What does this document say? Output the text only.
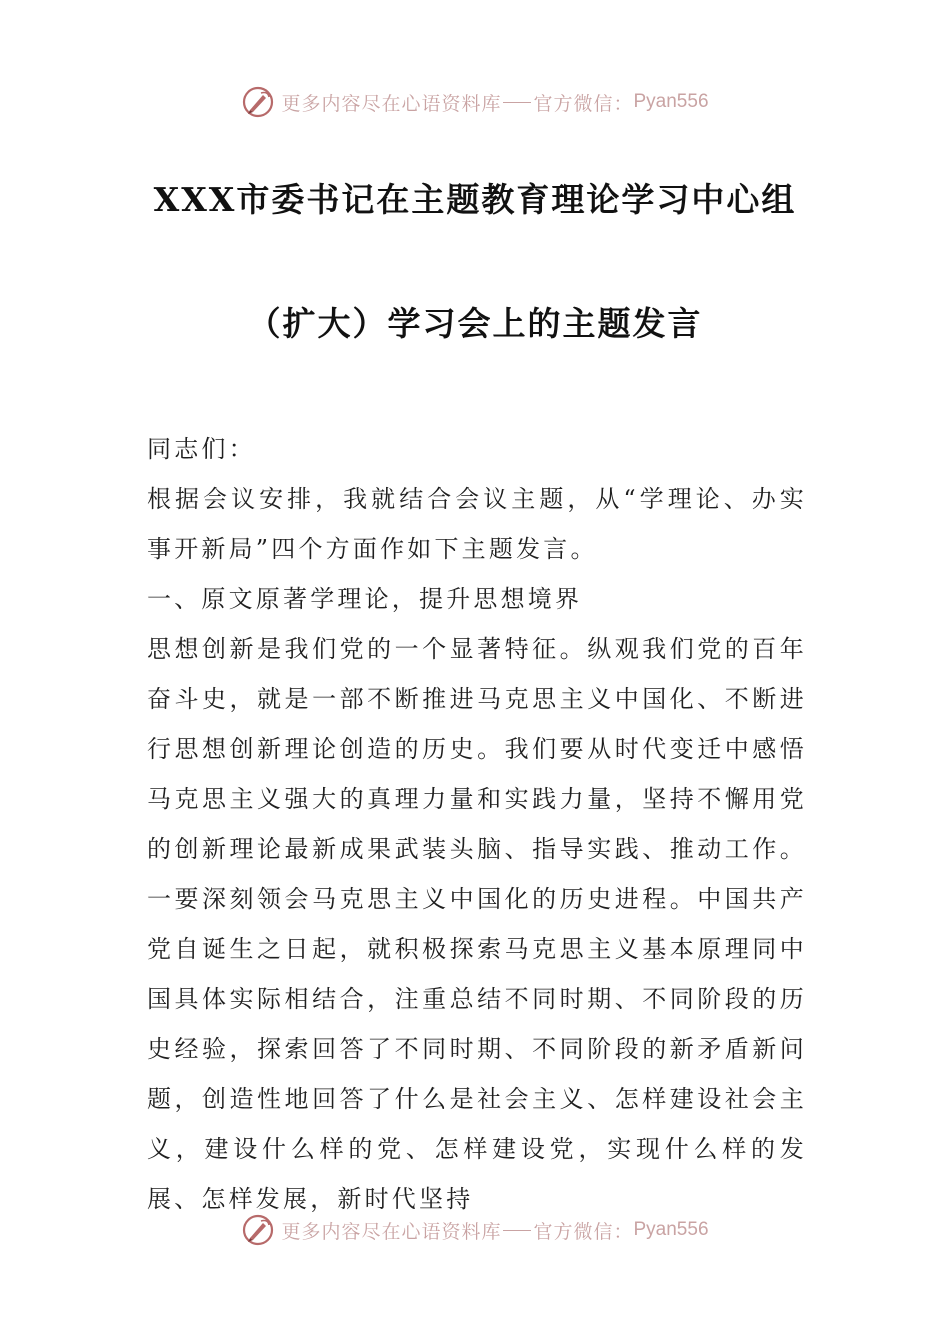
更多内容尽在心语资料库 官方微信： Pyan556
XXX市委书记在主题教育理论学习中心组
（扩大）学习会上的主题发言

同志们：

根据会议安排，我就结合会议主题，从“学理论、办实事开新局”四个方面作如下主题发言。

一、原文原著学理论，提升思想境界

思想创新是我们党的一个显著特征。纵观我们党的百年奋斗史，就是一部不断推进马克思主义中国化、不断进行思想创新理论创造的历史。我们要从时代变迁中感悟马克思主义强大的真理力量和实践力量，坚持不懈用党的创新理论最新成果武装头脑、指导实践、推动工作。一要深刻领会马克思主义中国化的历史进程。中国共产党自诞生之日起，就积极探索马克思主义基本原理同中国具体实际相结合，注重总结不同时期、不同阶段的历史经验，探索回答了不同时期、不同阶段的新矛盾新问题，创造性地回答了什么是社会主义、怎样建设社会主义，建设什么样的党、怎样建设党，实现什么样的发展、怎样发展，新时代坚持

更多内容尽在心语资料库 官方微信： Pyan556
